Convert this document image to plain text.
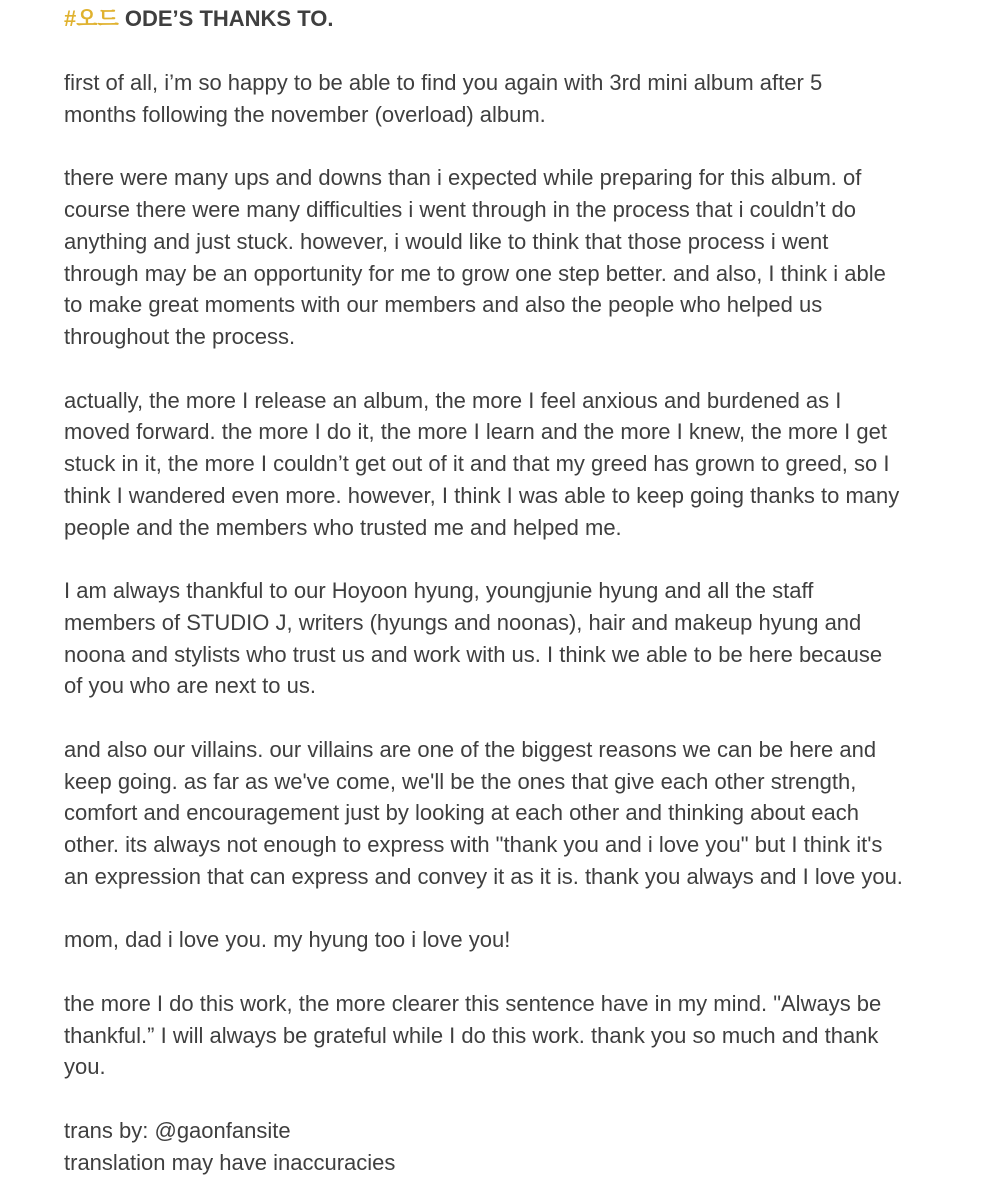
#오드 ODE’S THANKS TO.

first of all, i’m so happy to be able to find you again with 3rd mini album after 5
months following the november (overload) album.

there were many ups and downs than i expected while preparing for this album. of
course there were many difficulties i went through in the process that i couldn’t do
anything and just stuck. however, i would like to think that those process i went
through may be an opportunity for me to grow one step better. and also, I think i able
to make great moments with our members and also the people who helped us
throughout the process.

actually, the more I release an album, the more I feel anxious and burdened as I
moved forward. the more I do it, the more I learn and the more I knew, the more I get
stuck in it, the more I couldn’t get out of it and that my greed has grown to greed, so I
think I wandered even more. however, I think I was able to keep going thanks to many
people and the members who trusted me and helped me.

I am always thankful to our Hoyoon hyung, youngjunie hyung and all the staff
members of STUDIO J, writers (hyungs and noonas), hair and makeup hyung and
noona and stylists who trust us and work with us. I think we able to be here because
of you who are next to us.

and also our villains. our villains are one of the biggest reasons we can be here and
keep going. as far as we've come, we'll be the ones that give each other strength,
comfort and encouragement just by looking at each other and thinking about each
other. its always not enough to express with "thank you and i love you" but I think it's
an expression that can express and convey it as it is. thank you always and I love you.

mom, dad i love you. my hyung too i love you!

the more I do this work, the more clearer this sentence have in my mind. "Always be
thankful.” I will always be grateful while I do this work. thank you so much and thank
you.

trans by: @gaonfansite
translation may have inaccuracies
